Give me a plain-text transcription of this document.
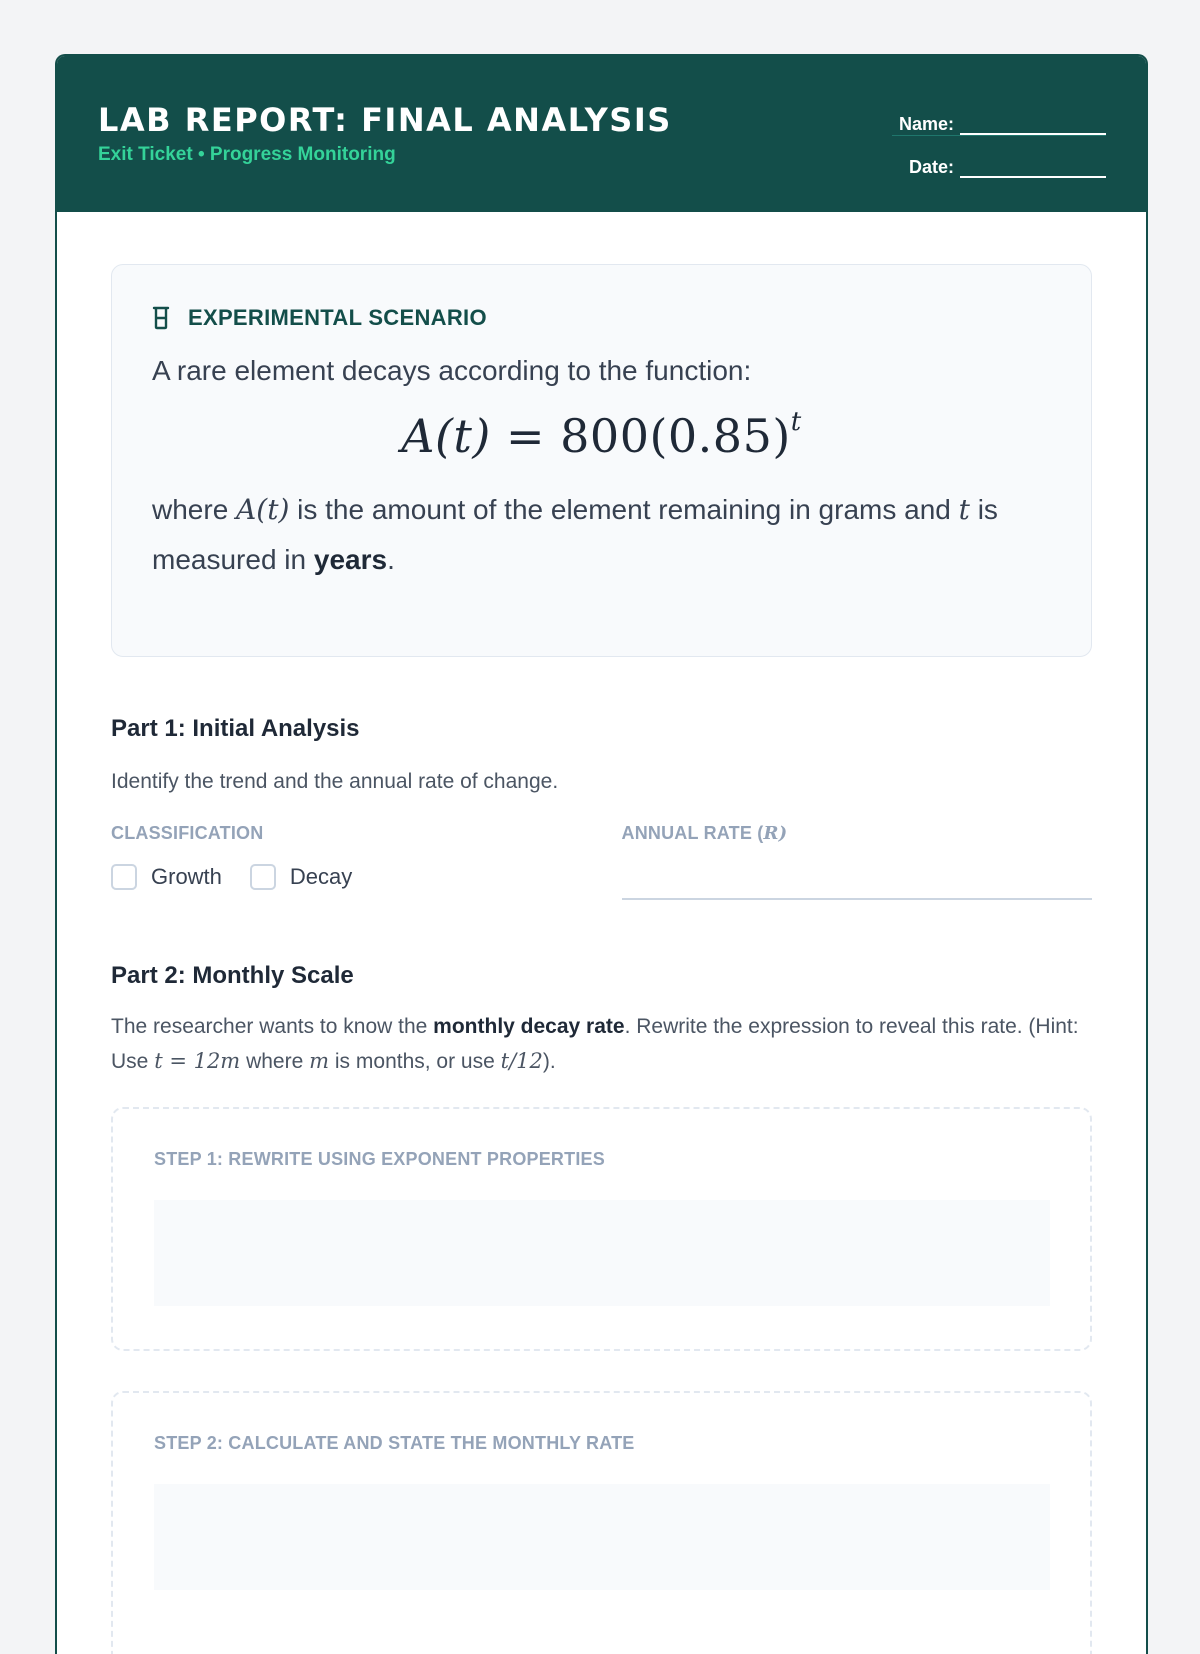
LAB REPORT: FINAL ANALYSIS
Exit Ticket • Progress Monitoring
Name:
Date:
EXPERIMENTAL SCENARIO
A rare element decays according to the function:
$A(t) = 800(0.85)^t$
where A(t) is the amount of the element remaining in grams and t is measured in years.
Part 1: Initial Analysis
Identify the trend and the annual rate of change.
CLASSIFICATION
Growth	Decay
ANNUAL RATE (R)
Part 2: Monthly Scale
The researcher wants to know the monthly decay rate. Rewrite the expression to reveal this rate. (Hint: Use t = 12m where m is months, or use t/12).
STEP 1: REWRITE USING EXPONENT PROPERTIES
STEP 2: CALCULATE AND STATE THE MONTHLY RATE
